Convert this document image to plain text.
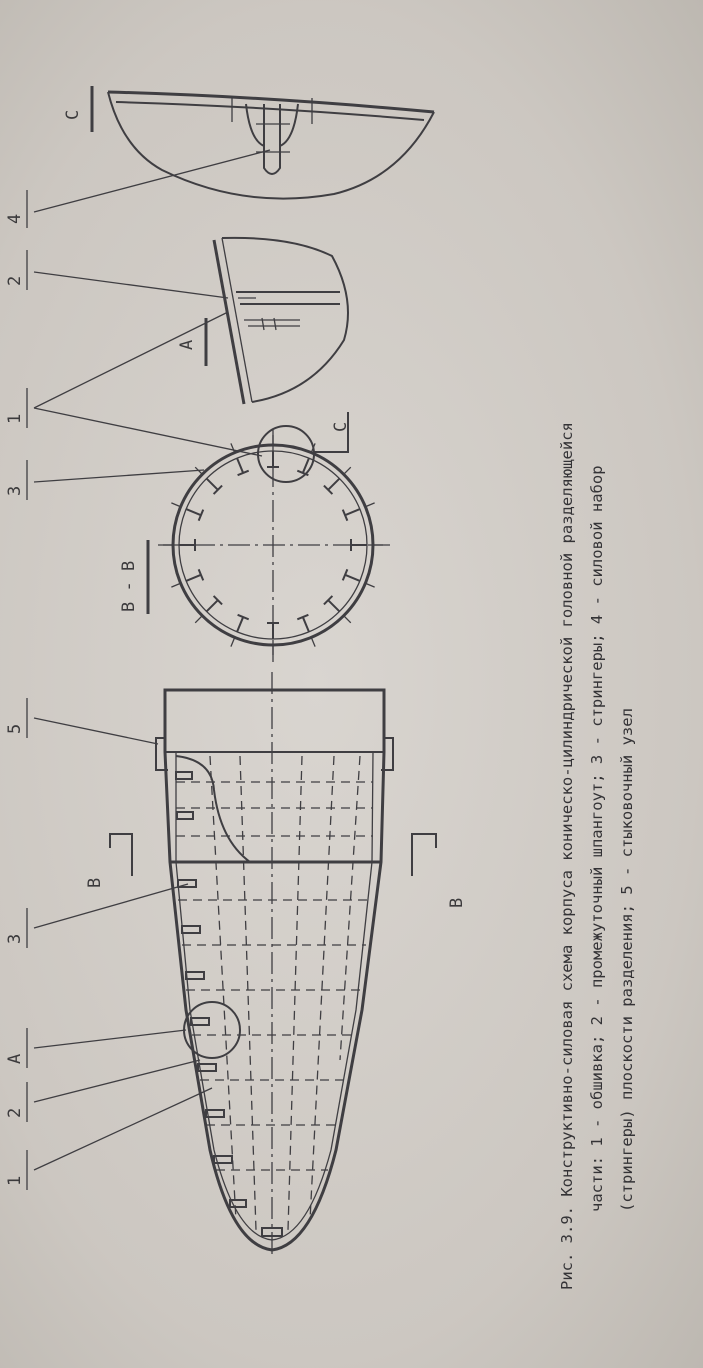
B
B
1
2
A
3
5
C
B - B
3
1
2
4
A
C
Рис. 3.9. Конструктивно-силовая схема корпуса коническо-цилиндрической головной разделяющейся части: 1 - обшивка; 2 - промежуточный шпангоут; 3 - стрингеры; 4 - силовой набор (стрингеры) плоскости разделения; 5 - стыковочный узел
